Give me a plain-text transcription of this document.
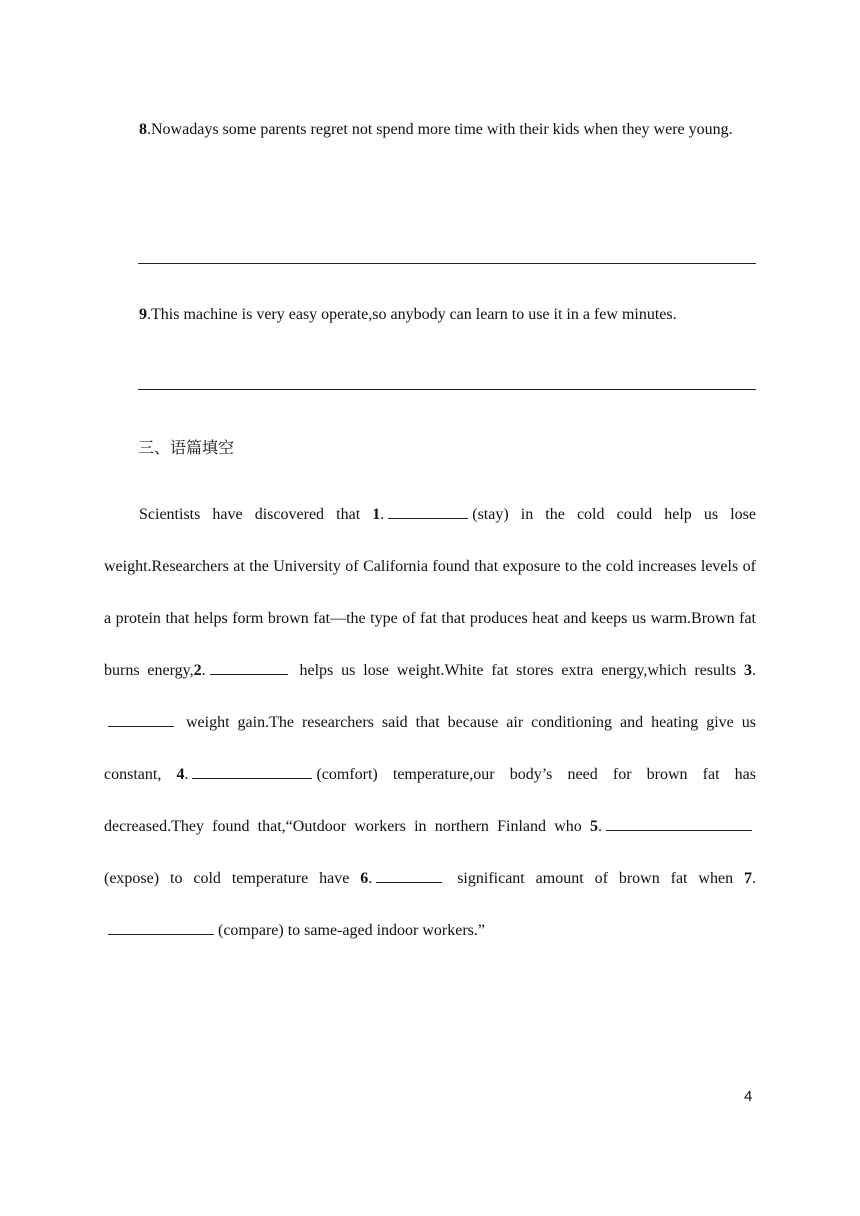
8.Nowadays some parents regret not spend more time with their kids when they were young.
9.This machine is very easy operate,so anybody can learn to use it in a few minutes.
三、语篇填空
Scientists have discovered that 1.	(stay) in the cold could help us lose weight.Researchers at the University of California found that exposure to the cold increases levels of a protein that helps form brown fat—the type of fat that produces heat and keeps us warm.Brown fat burns energy,2.	helps us lose weight.White fat stores extra energy,which results 3. weight gain.The researchers said that because air conditioning and heating give us constant, 4.	(comfort) temperature,our body’s need for brown fat has decreased.They found that,“Outdoor workers in northern Finland who 5. (expose) to cold temperature have 6.	significant amount of brown fat when 7.(compare) to same-aged indoor workers.”
4
